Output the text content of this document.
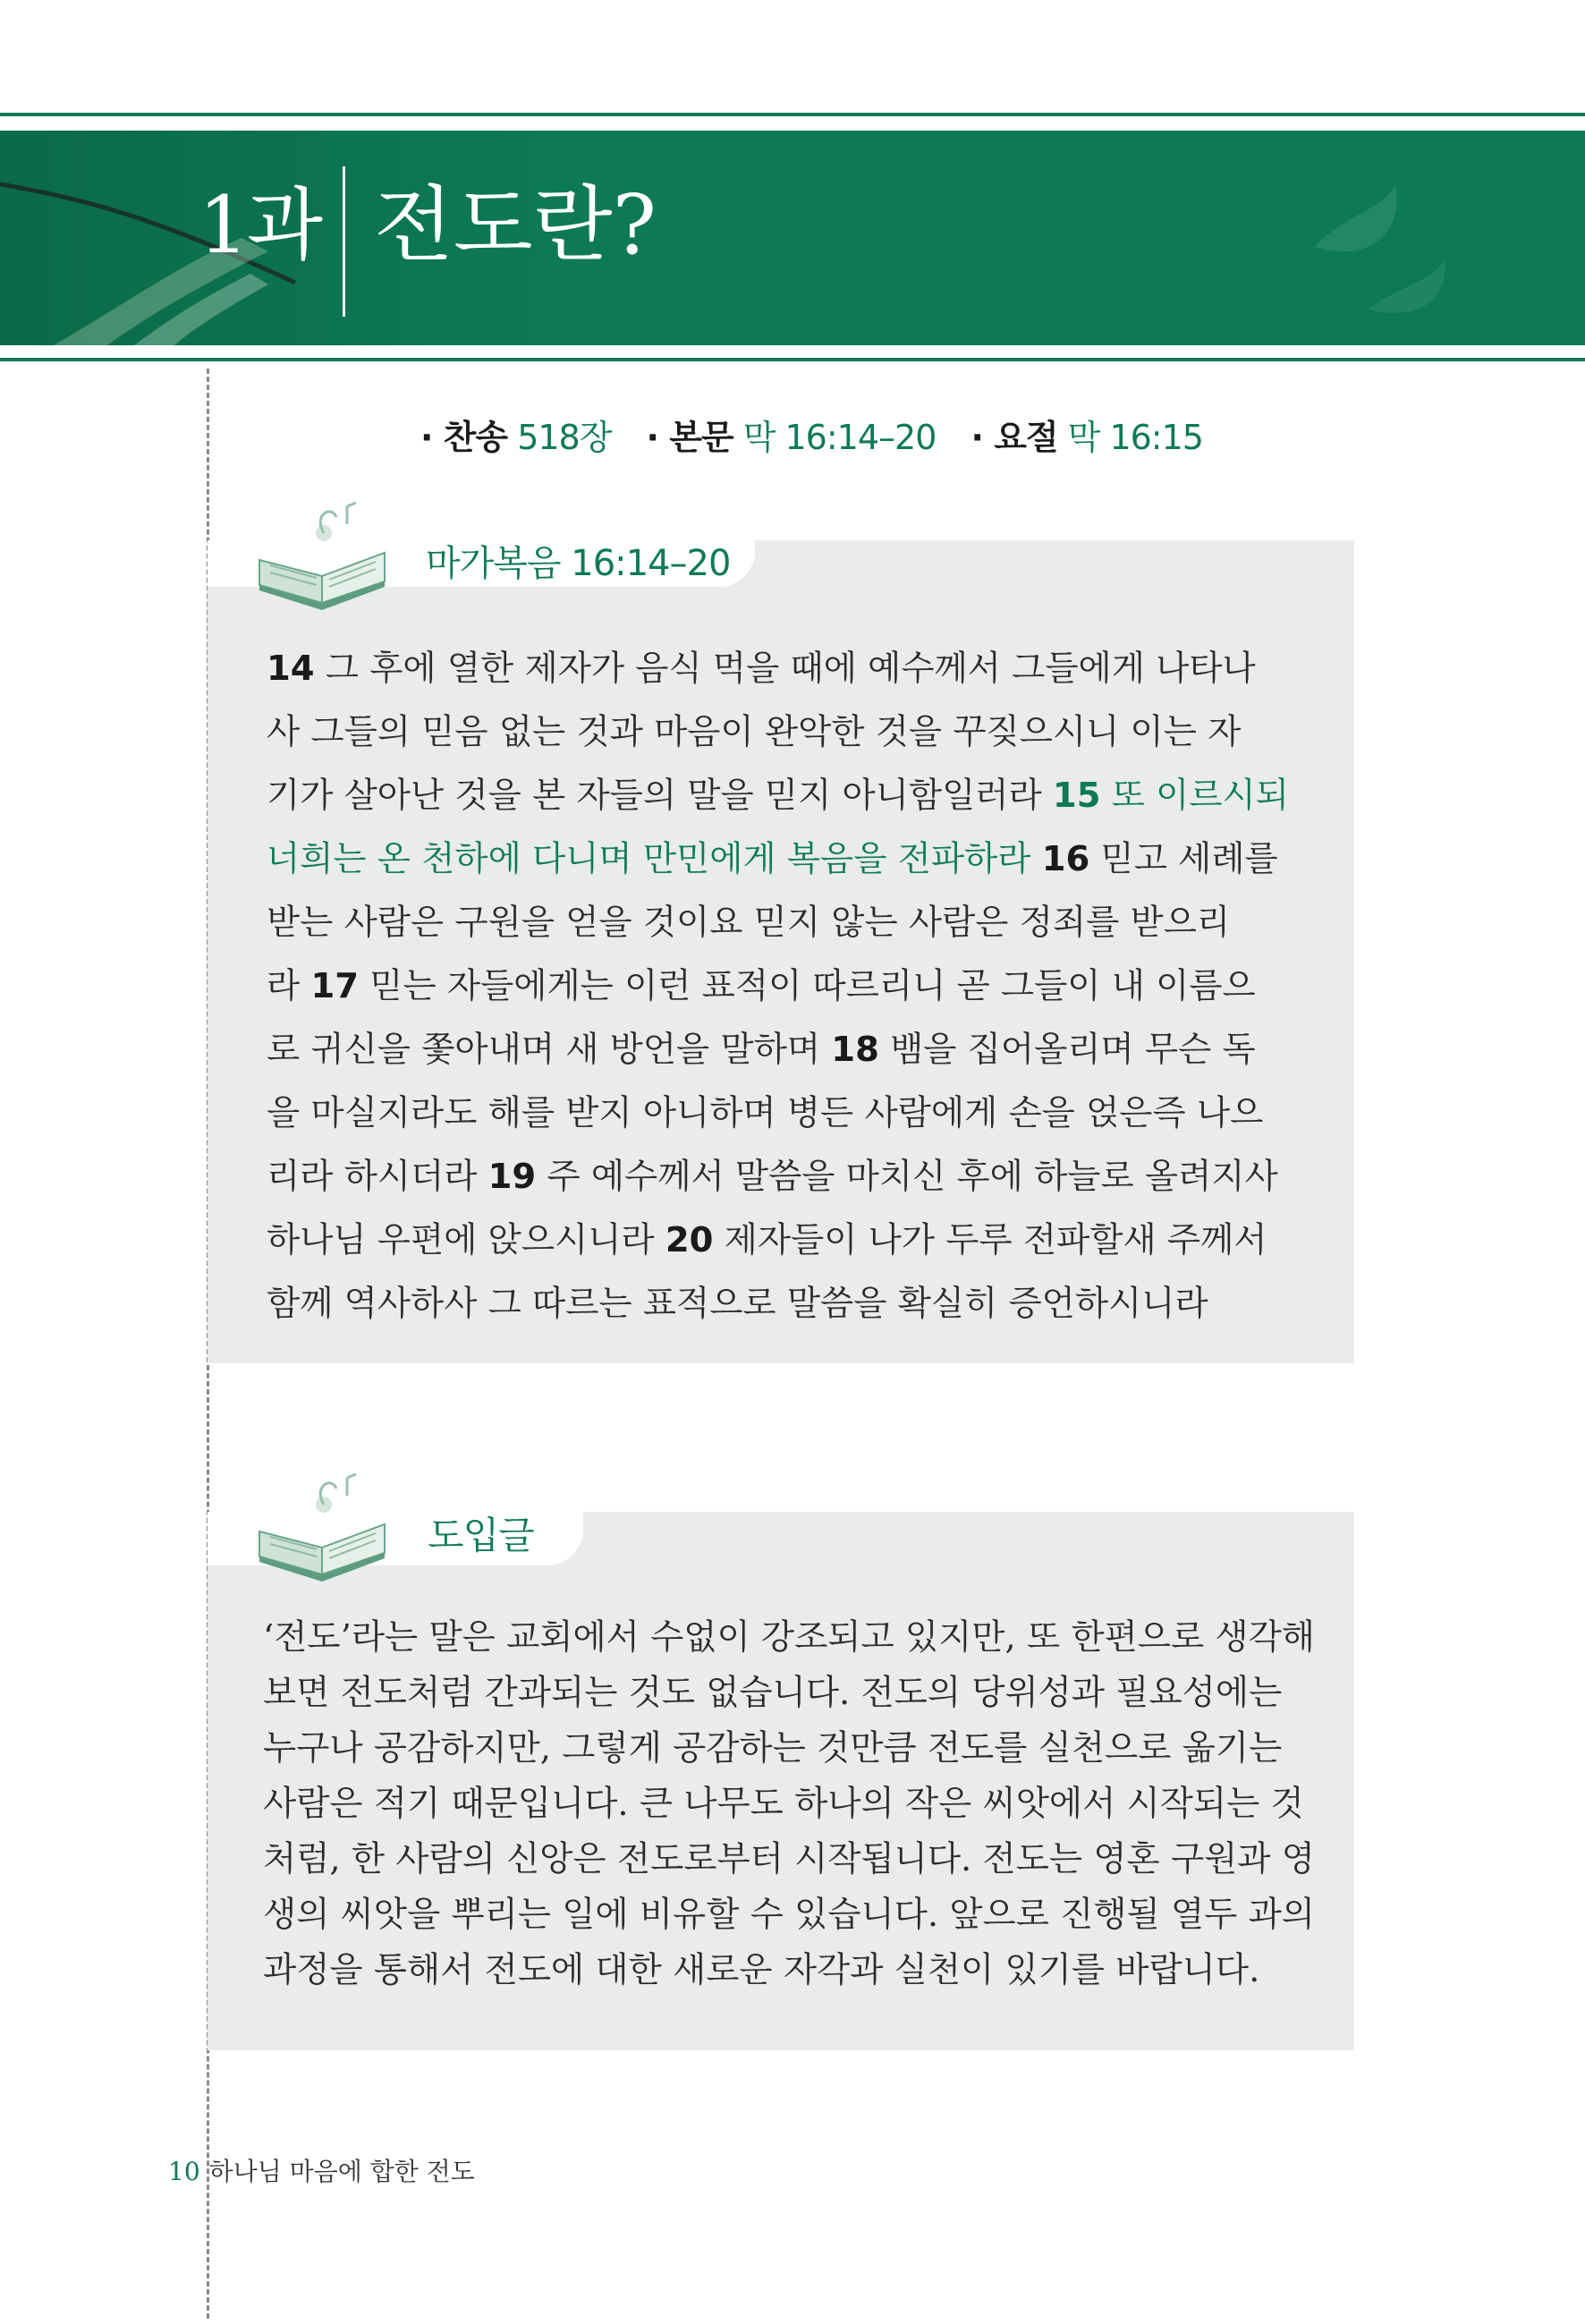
1과 전도란?
· 찬송 518장 · 본문 막 16:14–20 · 요절 막 16:15
마가복음 16:14–20
14 그 후에 열한 제자가 음식 먹을 때에 예수께서 그들에게 나타나
사 그들의 믿음 없는 것과 마음이 완악한 것을 꾸짖으시니 이는 자
기가 살아난 것을 본 자들의 말을 믿지 아니함일러라 15 또 이르시되
너희는 온 천하에 다니며 만민에게 복음을 전파하라 16 믿고 세례를
받는 사람은 구원을 얻을 것이요 믿지 않는 사람은 정죄를 받으리
라 17 믿는 자들에게는 이런 표적이 따르리니 곧 그들이 내 이름으
로 귀신을 쫓아내며 새 방언을 말하며 18 뱀을 집어올리며 무슨 독
을 마실지라도 해를 받지 아니하며 병든 사람에게 손을 얹은즉 나으
리라 하시더라 19 주 예수께서 말씀을 마치신 후에 하늘로 올려지사
하나님 우편에 앉으시니라 20 제자들이 나가 두루 전파할새 주께서
함께 역사하사 그 따르는 표적으로 말씀을 확실히 증언하시니라
도입글
‘전도’라는 말은 교회에서 수없이 강조되고 있지만, 또 한편으로 생각해
보면 전도처럼 간과되는 것도 없습니다. 전도의 당위성과 필요성에는
누구나 공감하지만, 그렇게 공감하는 것만큼 전도를 실천으로 옮기는
사람은 적기 때문입니다. 큰 나무도 하나의 작은 씨앗에서 시작되는 것
처럼, 한 사람의 신앙은 전도로부터 시작됩니다. 전도는 영혼 구원과 영
생의 씨앗을 뿌리는 일에 비유할 수 있습니다. 앞으로 진행될 열두 과의
과정을 통해서 전도에 대한 새로운 자각과 실천이 있기를 바랍니다.
10 하나님 마음에 합한 전도
